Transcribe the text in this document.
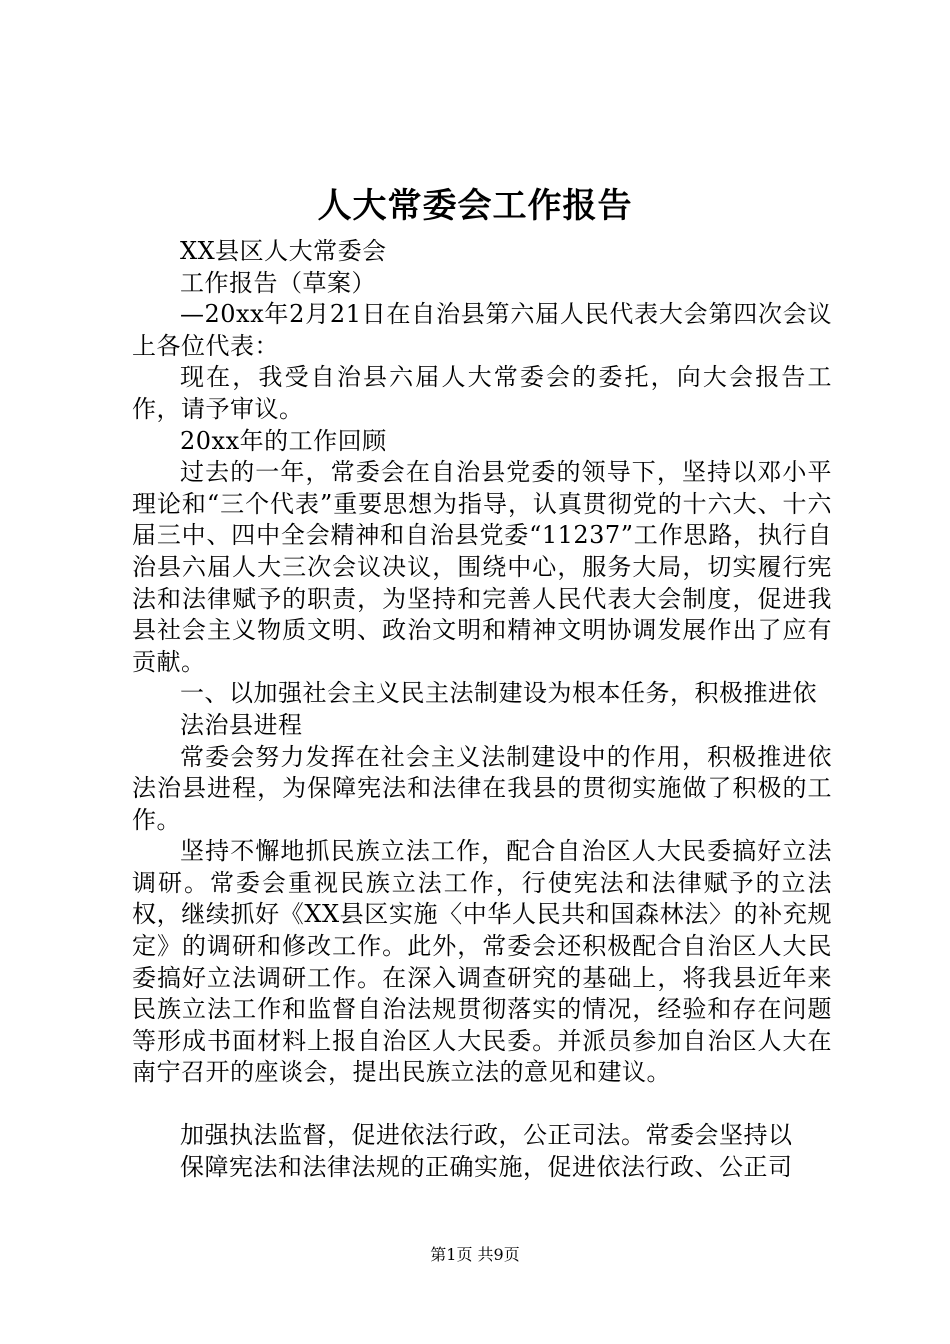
人大常委会工作报告

XX县区人大常委会

工作报告（草案）

—20xx年2月21日在自治县第六届人民代表大会第四次会议上各位代表：

现在，我受自治县六届人大常委会的委托，向大会报告工作，请予审议。

20xx年的工作回顾

过去的一年，常委会在自治县党委的领导下，坚持以邓小平理论和“三个代表”重要思想为指导，认真贯彻党的十六大、十六届三中、四中全会精神和自治县党委“11237”工作思路，执行自治县六届人大三次会议决议，围绕中心，服务大局，切实履行宪法和法律赋予的职责，为坚持和完善人民代表大会制度，促进我县社会主义物质文明、政治文明和精神文明协调发展作出了应有贡献。

一、以加强社会主义民主法制建设为根本任务，积极推进依

法治县进程

常委会努力发挥在社会主义法制建设中的作用，积极推进依法治县进程，为保障宪法和法律在我县的贯彻实施做了积极的工作。

坚持不懈地抓民族立法工作，配合自治区人大民委搞好立法调研。常委会重视民族立法工作，行使宪法和法律赋予的立法权，继续抓好《XX县区实施〈中华人民共和国森林法〉的补充规定》的调研和修改工作。此外，常委会还积极配合自治区人大民委搞好立法调研工作。在深入调查研究的基础上，将我县近年来民族立法工作和监督自治法规贯彻落实的情况，经验和存在问题等形成书面材料上报自治区人大民委。并派员参加自治区人大在南宁召开的座谈会，提出民族立法的意见和建议。

加强执法监督，促进依法行政，公正司法。常委会坚持以

保障宪法和法律法规的正确实施，促进依法行政、公正司

第1页 共9页
